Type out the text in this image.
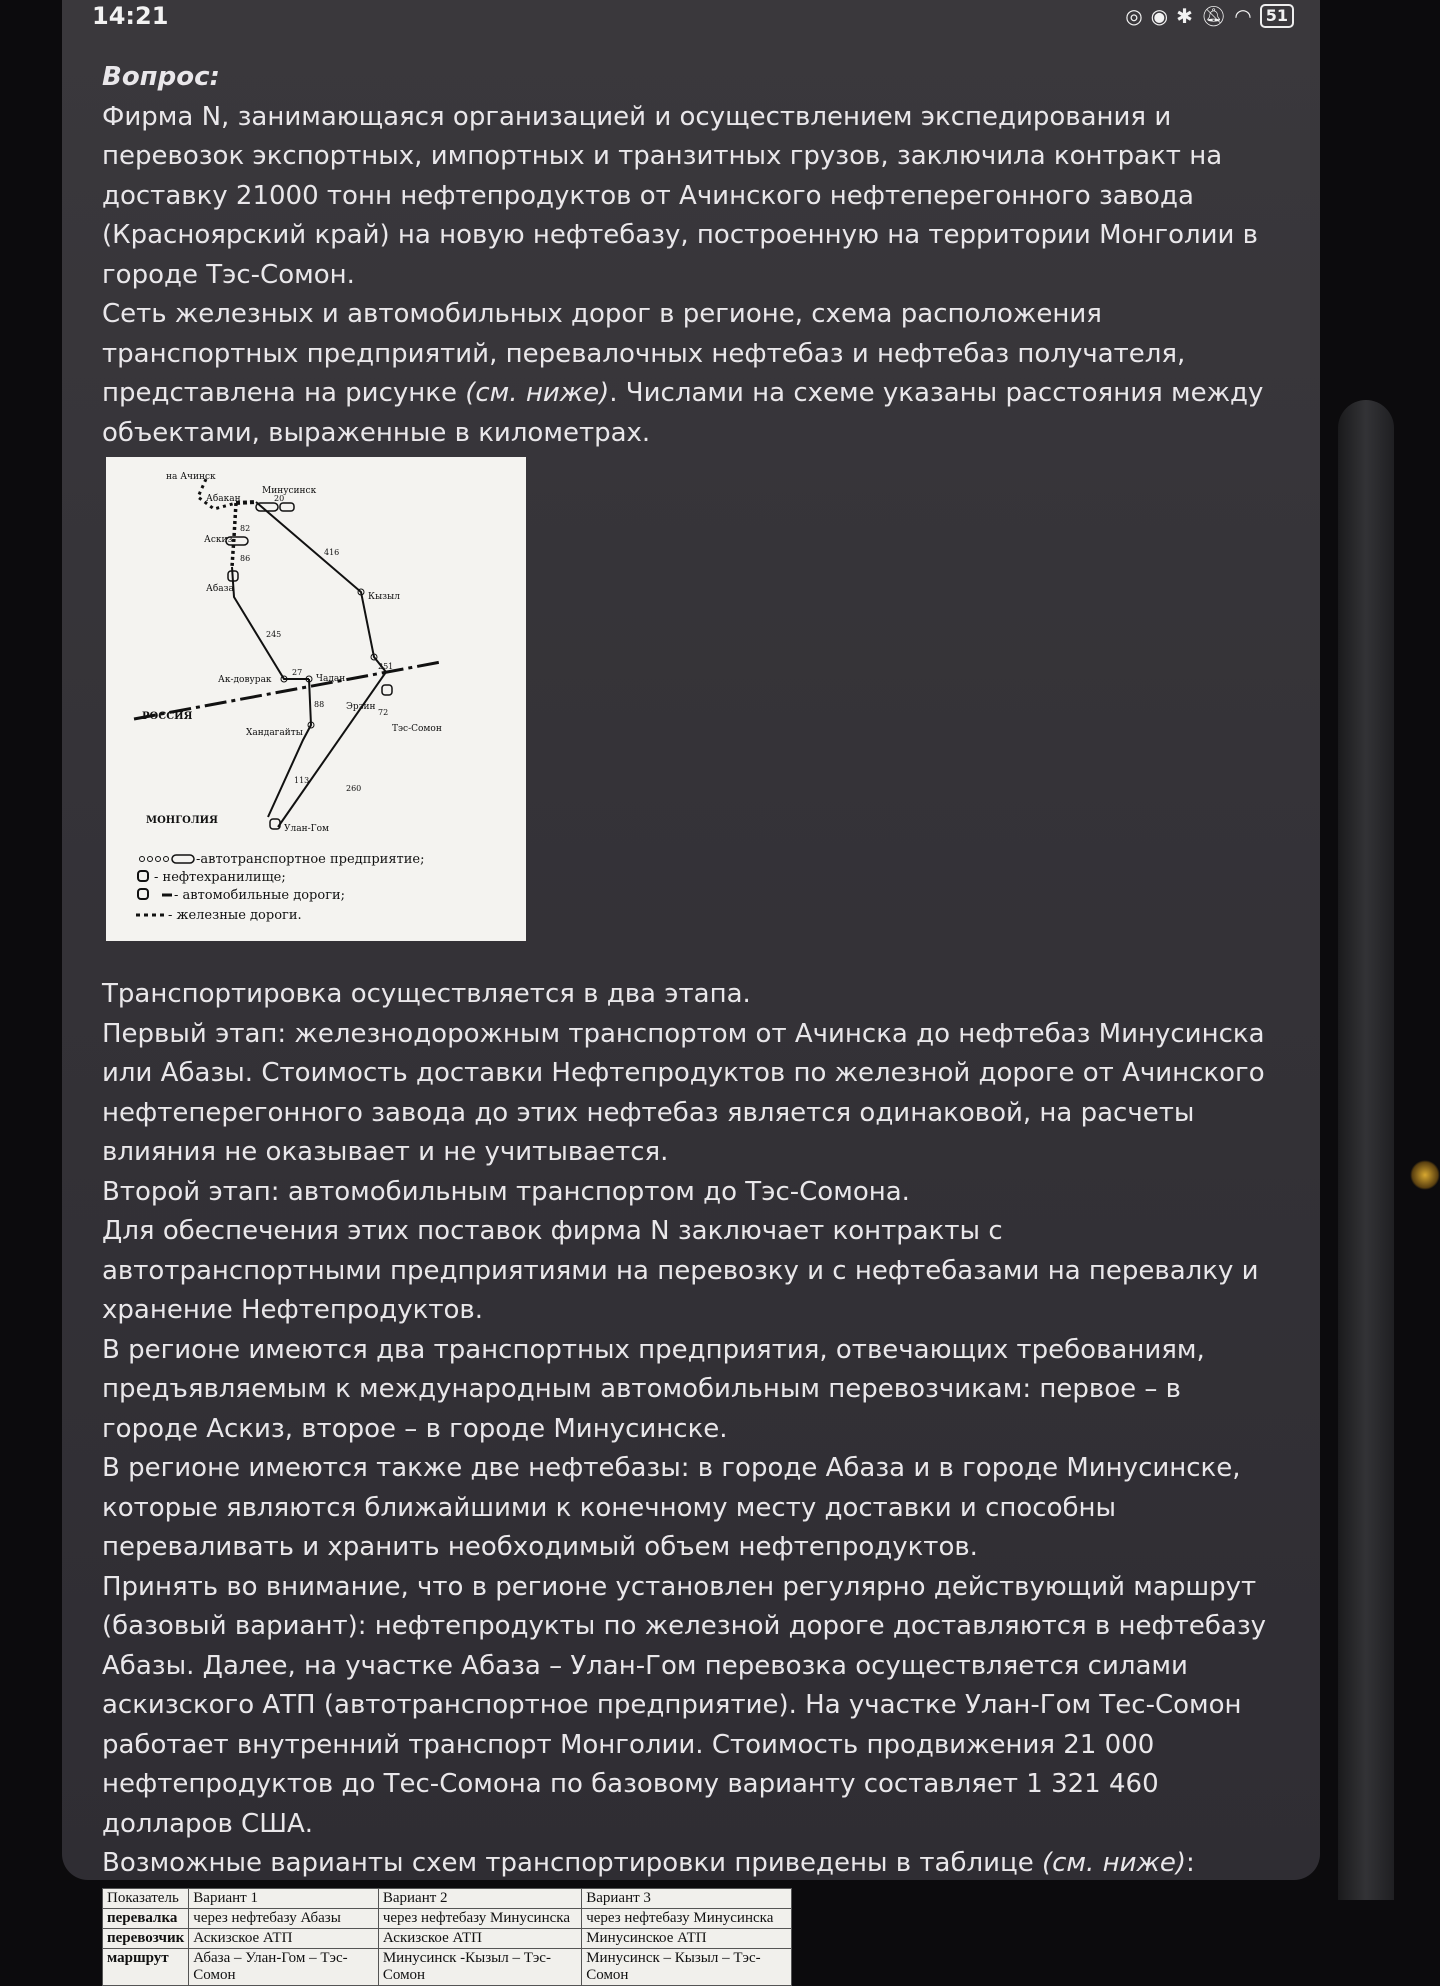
14:21	◎ ◉ ✱ 🔕︎ ◠ 51
Вопрос:

Фирма N, занимающаяся организацией и осуществлением экспедирования и перевозок экспортных, импортных и транзитных грузов, заключила контракт на доставку 21000 тонн нефтепродуктов от Ачинского нефтеперегонного завода (Красноярский край) на новую нефтебазу, построенную на территории Монголии в городе Тэс-Сомон.

Сеть железных и автомобильных дорог в регионе, схема расположения транспортных предприятий, перевалочных нефтебаз и нефтебаз получателя, представлена на рисунке (см. ниже). Числами на схеме указаны расстояния между объектами, выраженные в километрах.

на Ачинск
Абакан
Минусинск
Аскиз
Абаза
Кызыл
Ак-довурак	Чадан
Эрзин
Тэс-Сомон
Хандагайты
Улан-Гом
20
82
86
416
245
27
251
88
72
113
260
РОССИЯ
МОНГОЛИЯ
-автотранспортное предприятие;
- нефтехранилище;
- автомобильные дороги;
- железные дороги.

Транспортировка осуществляется в два этапа.

Первый этап: железнодорожным транспортом от Ачинска до нефтебаз Минусинска или Абазы. Стоимость доставки Нефтепродуктов по железной дороге от Ачинского нефтеперегонного завода до этих нефтебаз является одинаковой, на расчеты влияния не оказывает и не учитывается.

Второй этап: автомобильным транспортом до Тэс-Сомона.

Для обеспечения этих поставок фирма N заключает контракты с автотранспортными предприятиями на перевозку и с нефтебазами на перевалку и хранение Нефтепродуктов.

В регионе имеются два транспортных предприятия, отвечающих требованиям, предъявляемым к международным автомобильным перевозчикам: первое – в городе Аскиз, второе – в городе Минусинске.

В регионе имеются также две нефтебазы: в городе Абаза и в городе Минусинске, которые являются ближайшими к конечному месту доставки и способны переваливать и хранить необходимый объем нефтепродуктов.

Принять во внимание, что в регионе установлен регулярно действующий маршрут (базовый вариант): нефтепродукты по железной дороге доставляются в нефтебазу Абазы. Далее, на участке Абаза – Улан-Гом перевозка осуществляется силами аскизского АТП (автотранспортное предприятие). На участке Улан-Гом Тес-Сомон работает внутренний транспорт Монголии. Стоимость продвижения 21 000 нефтепродуктов до Тес-Сомона по базовому варианту составляет 1 321 460 долларов США.

Возможные варианты схем транспортировки приведены в таблице (см. ниже):

Показатель	Вариант 1	Вариант 2	Вариант 3
перевалка	через нефтебазу Абазы	через нефтебазу Минусинска	через нефтебазу Минусинска
перевозчик	Аскизское АТП	Аскизское АТП	Минусинское АТП
маршрут	Абаза – Улан-Гом – Тэс-Сомон	Минусинск -Кызыл – Тэс-Сомон	Минусинск – Кызыл – Тэс-Сомон
